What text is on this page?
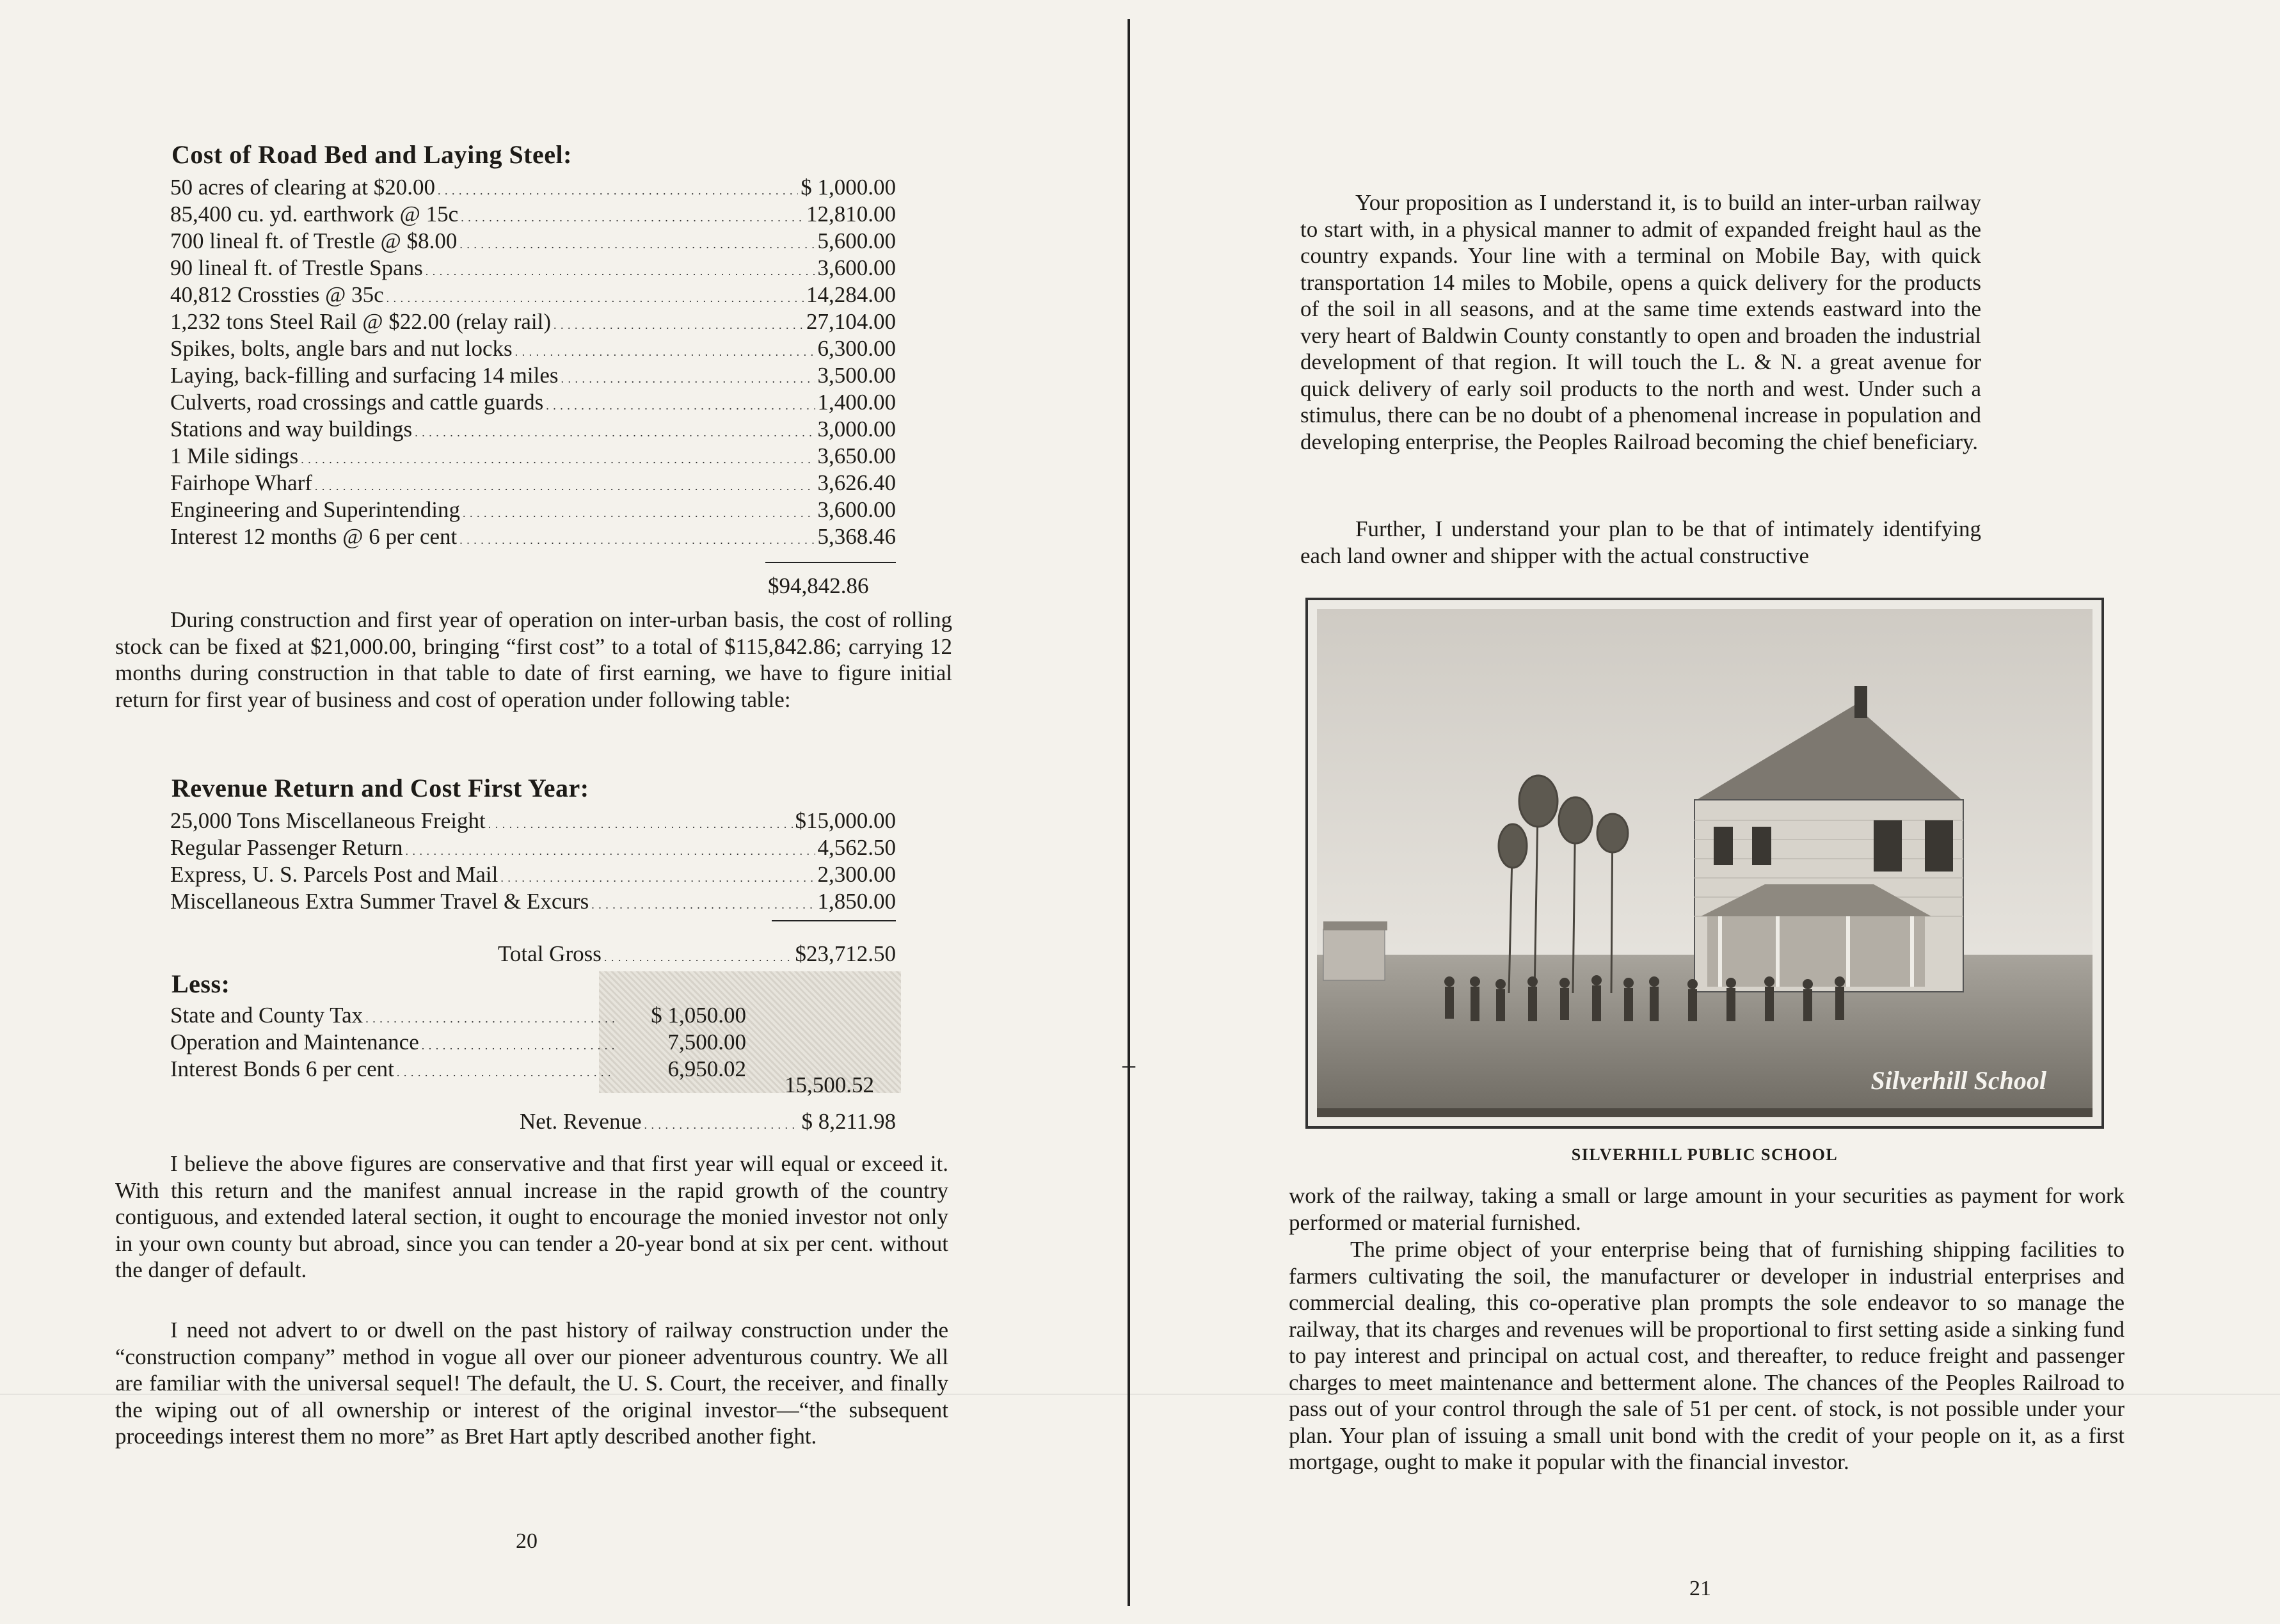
Cost of Road Bed and Laying Steel:
50 acres of clearing at $20.00 . . .	$ 1,000.00
85,400 cu. yd. earthwork @ 15c . . .	12,810.00
700 lineal ft. of Trestle @ $8.00 . . .	5,600.00
90 lineal ft. of Trestle Spans . . .	3,600.00
40,812 Crossties @ 35c . . .	14,284.00
1,232 tons Steel Rail @ $22.00 (relay rail) . . .	27,104.00
Spikes, bolts, angle bars and nut locks . . .	6,300.00
Laying, back-filling and surfacing 14 miles . . .	3,500.00
Culverts, road crossings and cattle guards . . .	1,400.00
Stations and way buildings . . .	3,000.00
1 Mile sidings . . .	3,650.00
Fairhope Wharf . . .	3,626.40
Engineering and Superintending . . .	3,600.00
Interest 12 months @ 6 per cent . . .	5,368.46
$94,842.86

During construction and first year of operation on inter-urban basis, the cost of rolling stock can be fixed at $21,000.00, bringing “first cost” to a total of $115,842.86; carrying 12 months during construction in that table to date of first earning, we have to figure initial return for first year of business and cost of operation under following table:

Revenue Return and Cost First Year:
25,000 Tons Miscellaneous Freight . . .	$15,000.00
Regular Passenger Return . . .	4,562.50
Express, U. S. Parcels Post and Mail . . .	2,300.00
Miscellaneous Extra Summer Travel & Excurs . . .	1,850.00
Total Gross . . .	$23,712.50
Less:
State and County Tax . . .	$ 1,050.00
Operation and Maintenance . . .	7,500.00
Interest Bonds 6 per cent . . .	6,950.02
15,500.52
Net. Revenue . . .	$ 8,211.98

I believe the above figures are conservative and that first year will equal or exceed it. With this return and the manifest annual increase in the rapid growth of the country contiguous, and extended lateral section, it ought to encourage the monied investor not only in your own county but abroad, since you can tender a 20-year bond at six per cent. without the danger of default.

I need not advert to or dwell on the past history of railway construction under the “construction company” method in vogue all over our pioneer adventurous country. We all are familiar with the universal sequel! The default, the U. S. Court, the receiver, and finally the wiping out of all ownership or interest of the original investor—“the subsequent proceedings interest them no more” as Bret Hart aptly described another fight.

20
+

Your proposition as I understand it, is to build an inter-urban railway to start with, in a physical manner to admit of expanded freight haul as the country expands. Your line with a terminal on Mobile Bay, with quick transportation 14 miles to Mobile, opens a quick delivery for the products of the soil in all seasons, and at the same time extends eastward into the very heart of Baldwin County constantly to open and broaden the industrial development of that region. It will touch the L. & N. a great avenue for quick delivery of early soil products to the north and west. Under such a stimulus, there can be no doubt of a phenomenal increase in population and developing enterprise, the Peoples Railroad becoming the chief beneficiary.

Further, I understand your plan to be that of intimately identifying each land owner and shipper with the actual constructive

21
Silverhill School
SILVERHILL PUBLIC SCHOOL

work of the railway, taking a small or large amount in your securities as payment for work performed or material furnished.

The prime object of your enterprise being that of furnishing shipping facilities to farmers cultivating the soil, the manufacturer or developer in industrial enterprises and commercial dealing, this co-operative plan prompts the sole endeavor to so manage the railway, that its charges and revenues will be proportional to first setting aside a sinking fund to pay interest and principal on actual cost, and thereafter, to reduce freight and passenger charges to meet maintenance and betterment alone. The chances of the Peoples Railroad to pass out of your control through the sale of 51 per cent. of stock, is not possible under your plan. Your plan of issuing a small unit bond with the credit of your people on it, as a first mortgage, ought to make it popular with the financial investor.
